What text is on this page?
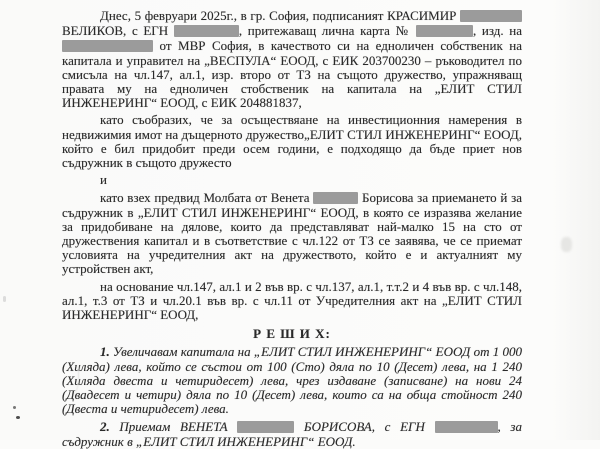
Днес, 5 февруари 2025г., в гр. София, подписаният КРАСИМИР  ВЕЛИКОВ, с ЕГН	, притежаващ лична карта №	, изд. на  от МВР София, в качеството си на едноличен собственик на капитала и управител на „ВЕСПУЛА“ ЕООД, с ЕИК 203700230 – ръководител по смисъла на чл.147, ал.1, изр. второ от ТЗ на същото дружество, упражняващ правата му на едноличен стобственик на капитала на „ЕЛИТ СТИЛ ИНЖЕНЕРИНГ“ ЕООД, с ЕИК 204881837,

като съобразих, че за осъществяане на инвестиционния намерения в недвижимия имот на дъщерното дружество„ЕЛИТ СТИЛ ИНЖЕНЕРИНГ“ ЕООД, който е бил придобит преди осем години, е подходящо да бъде приет нов съдружник в същото дружесто

и

като взех предвид Молбата от Венета	Борисова за приемането й за съдружник в „ЕЛИТ СТИЛ ИНЖЕНЕРИНГ“ ЕООД, в която се изразява желание за придобиване на дялове, които да представляват най-малко 15 на сто от дружествения капитал и в съответствие с чл.122 от ТЗ се заявява, че се приемат условията на учредителния акт на дружеството, който е и актуалният му устройствен акт,

на основание чл.147, ал.1 и 2 във вр. с чл.137, ал.1, т.т.2 и 4 във вр. с чл.148, ал.1, т.3 от ТЗ и чл.20.1 във вр. с чл.11 от Учредителния акт на „ЕЛИТ СТИЛ ИНЖЕНЕРИНГ“ ЕООД,

Р Е Ш И Х:

1. Увеличавам капитала на „ЕЛИТ СТИЛ ИНЖЕНЕРИНГ“ ЕООД от 1 000 (Хиляда) лева, който се състои от 100 (Сто) дяла по 10 (Десет) лева, на 1 240 (Хиляда двеста и четиридесет) лева, чрез издаване (записване) на нови 24 (Двадесет и четири) дяла по 10 (Десет) лева, които са на обща стойност 240 (Двеста и четиридесет) лева.

2. Приемам ВЕНЕТА	БОРИСОВА, с ЕГН	, за съдружник в „ЕЛИТ СТИЛ ИНЖЕНЕРИНГ“ ЕООД.
